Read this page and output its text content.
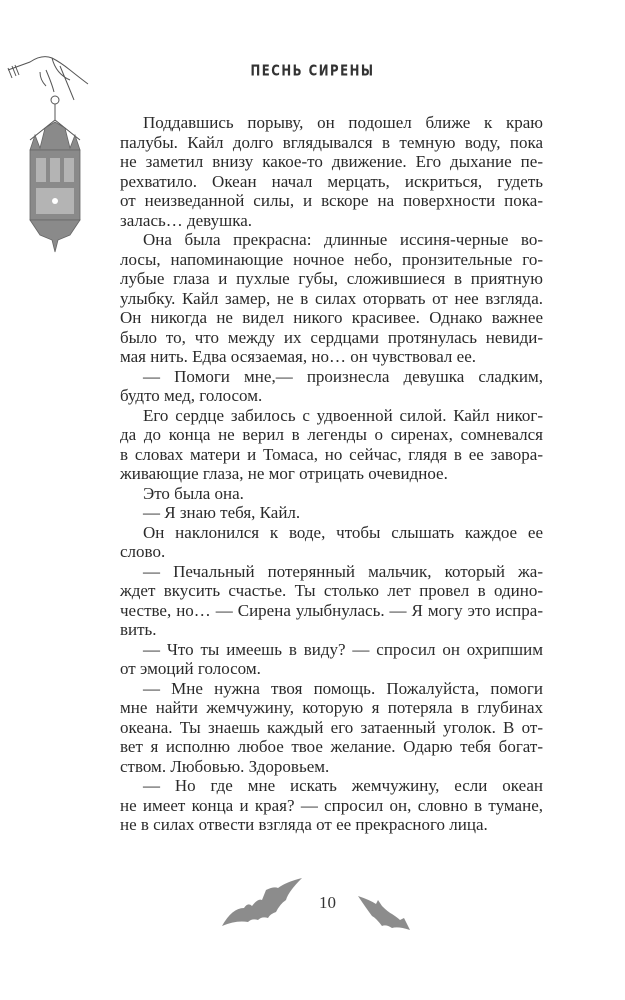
ПЕСНЬ СИРЕНЫ
Поддавшись порыву, он подошел ближе к краю
палубы. Кайл долго вглядывался в темную воду, пока
не заметил внизу какое-то движение. Его дыхание пе-
рехватило. Океан начал мерцать, искриться, гудеть
от неизведанной силы, и вскоре на поверхности пока-
залась… девушка.
Она была прекрасна: длинные иссиня-черные во-
лосы, напоминающие ночное небо, пронзительные го-
лубые глаза и пухлые губы, сложившиеся в приятную
улыбку. Кайл замер, не в силах оторвать от нее взгляда.
Он никогда не видел никого красивее. Однако важнее
было то, что между их сердцами протянулась невиди-
мая нить. Едва осязаемая, но… он чувствовал ее.
— Помоги мне,— произнесла девушка сладким,
будто мед, голосом.
Его сердце забилось с удвоенной силой. Кайл никог-
да до конца не верил в легенды о сиренах, сомневался
в словах матери и Томаса, но сейчас, глядя в ее завора-
живающие глаза, не мог отрицать очевидное.
Это была она.
— Я знаю тебя, Кайл.
Он наклонился к воде, чтобы слышать каждое ее
слово.
— Печальный потерянный мальчик, который жа-
ждет вкусить счастье. Ты столько лет провел в одино-
честве, но… — Сирена улыбнулась. — Я могу это испра-
вить.
— Что ты имеешь в виду? — спросил он охрипшим
от эмоций голосом.
— Мне нужна твоя помощь. Пожалуйста, помоги
мне найти жемчужину, которую я потеряла в глубинах
океана. Ты знаешь каждый его затаенный уголок. В от-
вет я исполню любое твое желание. Одарю тебя богат-
ством. Любовью. Здоровьем.
— Но где мне искать жемчужину, если океан
не имеет конца и края? — спросил он, словно в тумане,
не в силах отвести взгляда от ее прекрасного лица.
10
